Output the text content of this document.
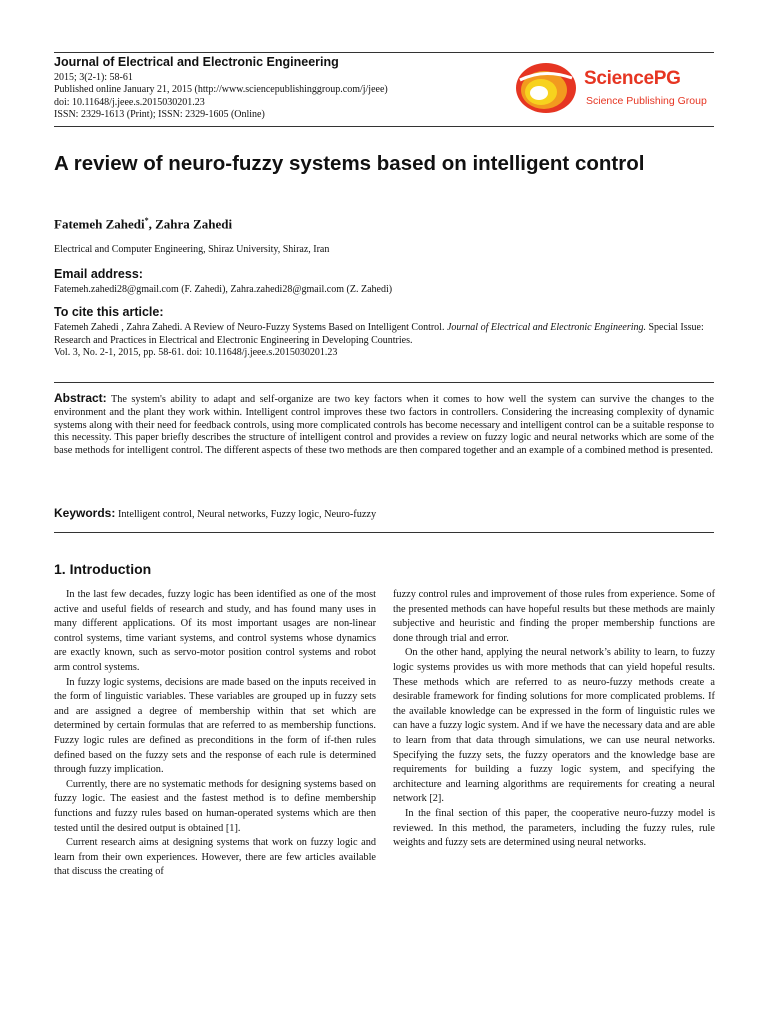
Journal of Electrical and Electronic Engineering
2015; 3(2-1): 58-61
Published online January 21, 2015 (http://www.sciencepublishinggroup.com/j/jeee)
doi: 10.11648/j.jeee.s.2015030201.23
ISSN: 2329-1613 (Print); ISSN: 2329-1605 (Online)
SciencePG
Science Publishing Group
A review of neuro-fuzzy systems based on intelligent control
Fatemeh Zahedi*, Zahra Zahedi
Electrical and Computer Engineering, Shiraz University, Shiraz, Iran
Email address:
Fatemeh.zahedi28@gmail.com (F. Zahedi), Zahra.zahedi28@gmail.com (Z. Zahedi)
To cite this article:
Fatemeh Zahedi , Zahra Zahedi. A Review of Neuro-Fuzzy Systems Based on Intelligent Control. Journal of Electrical and Electronic Engineering. Special Issue: Research and Practices in Electrical and Electronic Engineering in Developing Countries.
Vol. 3, No. 2-1, 2015, pp. 58-61. doi: 10.11648/j.jeee.s.2015030201.23
Abstract: The system's ability to adapt and self-organize are two key factors when it comes to how well the system can survive the changes to the environment and the plant they work within. Intelligent control improves these two factors in controllers. Considering the increasing complexity of dynamic systems along with their need for feedback controls, using more complicated controls has become necessary and intelligent control can be a suitable response to this necessity. This paper briefly describes the structure of intelligent control and provides a review on fuzzy logic and neural networks which are some of the base methods for intelligent control. The different aspects of these two methods are then compared together and an example of a combined method is presented.
Keywords: Intelligent control, Neural networks, Fuzzy logic, Neuro-fuzzy
1. Introduction

In the last few decades, fuzzy logic has been identified as one of the most active and useful fields of research and study, and has found many uses in many different applications. Of its most important usages are non-linear control systems, time variant systems, and control systems whose dynamics are exactly known, such as servo-motor position control systems and robot arm control systems.

In fuzzy logic systems, decisions are made based on the inputs received in the form of linguistic variables. These variables are grouped up in fuzzy sets and are assigned a degree of membership within that set which are determined by certain formulas that are referred to as membership functions. Fuzzy logic rules are defined as preconditions in the form of if-then rules defined based on the fuzzy sets and the response of each rule is determined through fuzzy implication.

Currently, there are no systematic methods for designing systems based on fuzzy logic. The easiest and the fastest method is to define membership functions and fuzzy rules based on human-operated systems which are then tested until the desired output is obtained [1].

Current research aims at designing systems that work on fuzzy logic and learn from their own experiences. However, there are few articles available that discuss the creating of

fuzzy control rules and improvement of those rules from experience. Some of the presented methods can have hopeful results but these methods are mainly subjective and heuristic and finding the proper membership functions are done through trial and error.

On the other hand, applying the neural network’s ability to learn, to fuzzy logic systems provides us with more methods that can yield hopeful results. These methods which are referred to as neuro-fuzzy methods create a desirable framework for finding solutions for more complicated problems. If the available knowledge can be expressed in the form of linguistic rules we can have a fuzzy logic system. And if we have the necessary data and are able to learn from that data through simulations, we can use neural networks. Specifying the fuzzy sets, the fuzzy operators and the knowledge base are requirements for building a fuzzy logic system, and specifying the architecture and learning algorithms are requirements for creating a neural network [2].

In the final section of this paper, the cooperative neuro-fuzzy model is reviewed. In this method, the parameters, including the fuzzy rules, rule weights and fuzzy sets are determined using neural networks.
